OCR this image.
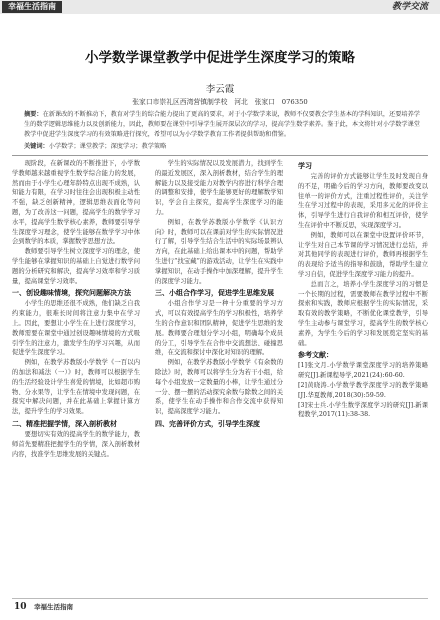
幸福生活指南	教学交流
小学数学课堂教学中促进学生深度学习的策略
李云霞
张家口市崇礼区西湾营镇制学校　河北　张家口　076350
摘要：在新课改的不断推动下，教育对学生的综合能力提出了更高的要求，对于小学数学来说，教师不仅要教会学生基本的学科知识，还要培养学生的数学逻辑思维能力以及创新能力，因此，教师要在课堂中引导学生展开深层次的学习，提高学生数学素养。鉴于此，本文将针对小学数学课堂教学中促进学生深度学习的有效策略进行探究，希望可以为小学数学教育工作者提供帮助和借鉴。
关键词：小学数学；课堂教学；深度学习；教学策略

现阶段，在新课改的不断推进下，小学数学教师越来越重视学生数学综合能力的发展，然而由于小学生心理年龄特点出现不成熟，认知能力有限，在学习时往往会出现积极主动性不强，缺乏创新精神，逻辑思维表面化等问题，为了改善这一问题，提高学生的数学学习水平，提高学生数学核心素养，教师要引导学生深度学习理念，使学生能够在数学学习中体会到数学的本质，掌握数学思想方法。

教师要引导学生树立深度学习的理念，使学生能够在掌握知识的基础上自觉进行数学问题的分析研究和解决，提高学习效率和学习质量，提高课堂学习效率。

一、创设趣味情境，探究问题解决方法

小学生的思维还很不成熟，他们缺乏自我约束能力，很难长时间将注意力集中在学习上。因此，要想让小学生在上进行深度学习，教师需要在课堂中通过创设趣味情境的方式吸引学生的注意力，激发学生的学习兴趣，从而促进学生深度学习。

例如，在教学苏教版小学数学《一百以内的加法和减法（一）》时，教师可以根据学生的生活经验设计学生喜爱的情境，比如超市购物、分水果等，让学生在情境中发现问题，在探究中解决问题，并在此基础上掌握计算方法，提升学生的学习效果。

二、精准把握学情，深入剖析教材

要想切实有效的提高学生的数学能力，教师首先要精准把握学生的学情，深入剖析教材内容，找准学生思维发展的关键点。

学生的实际情况以及发展潜力，找到学生的最近发展区，深入剖析教材，结合学生的理解能力以及接受能力对教学内容进行科学合理的调整和安排，使学生能够更好的理解数学知识，学会自主探究，提高学生深度学习的能力。

例如，在教学苏教版小学数学《认识方向》时，教师可以在课前对学生的实际情况进行了解，引导学生结合生活中的实际场景辨认方向，在此基础上给出课本中的问题，帮助学生进行“找宝藏”的游戏活动，让学生在实践中掌握知识，在动手操作中加深理解，提升学生的深度学习能力。

三、小组合作学习，促进学生思维发展

小组合作学习是一种十分重要的学习方式，可以有效提高学生的学习积极性，培养学生的合作意识和团队精神，促进学生思维的发展。教师要合理划分学习小组，明确每个成员的分工，引导学生在合作中交流想法、碰撞思维，在交流和探讨中深化对知识的理解。

例如，在教学苏教版小学数学《有余数的除法》时，教师可以将学生分为若干小组，给每个小组发放一定数量的小棒，让学生通过分一分、摆一摆的活动探究余数与除数之间的关系，使学生在动手操作和合作交流中获得知识，提高深度学习能力。

四、完善评价方式，引导学生深度
学习

完善的评价方式能够让学生及时发现自身的不足，明确今后的学习方向，教师要改变以往单一的评价方式，注重过程性评价，关注学生在学习过程中的表现，采用多元化的评价主体，引导学生进行自我评价和相互评价，使学生在评价中不断反思，实现深度学习。

例如，教师可以在课堂中设置评价环节，让学生对自己本节课的学习情况进行总结，并对其他同学的表现进行评价，教师再根据学生的表现给予适当的指导和鼓励，帮助学生建立学习自信，促进学生深度学习能力的提升。

总而言之，培养小学生深度学习的习惯是一个长期的过程，需要教师在教学过程中不断探索和实践，教师应根据学生的实际情况，采取有效的教学策略，不断优化课堂教学，引导学生主动参与课堂学习，提高学生的数学核心素养，为学生今后的学习和发展奠定坚实的基础。

参考文献：

[1]张文月.小学数学课堂深度学习的培养策略研究[J].新课程导学,2021(24):60-60.

[2]黄晓涛.小学数学教学深度学习的教学策略[J].华夏教师,2018(30):59-59.

[3]宋士兵.小学生数学深度学习的研究[J].新课程教学,2017(11):38-38.

10 幸福生活指南
